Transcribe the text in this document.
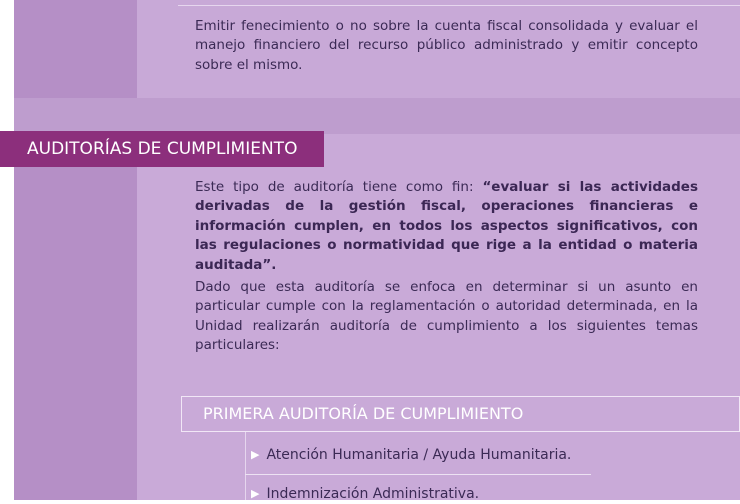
Emitir fenecimiento o no sobre la cuenta fiscal consolidada y evaluar el manejo financiero del recurso público administrado y emitir concepto sobre el mismo.

AUDITORÍAS DE CUMPLIMIENTO

Este tipo de auditoría tiene como fin: “evaluar si las actividades derivadas de la gestión fiscal, operaciones financieras e información cumplen, en todos los aspectos significativos, con las regulaciones o normatividad que rige a la entidad o materia auditada”.

Dado que esta auditoría se enfoca en determinar si un asunto en particular cumple con la reglamentación o autoridad determinada, en la Unidad realizarán auditoría de cumplimiento a los siguientes temas particulares:

PRIMERA AUDITORÍA DE CUMPLIMIENTO
▶ Atención Humanitaria / Ayuda Humanitaria.
▶ Indemnización Administrativa.
